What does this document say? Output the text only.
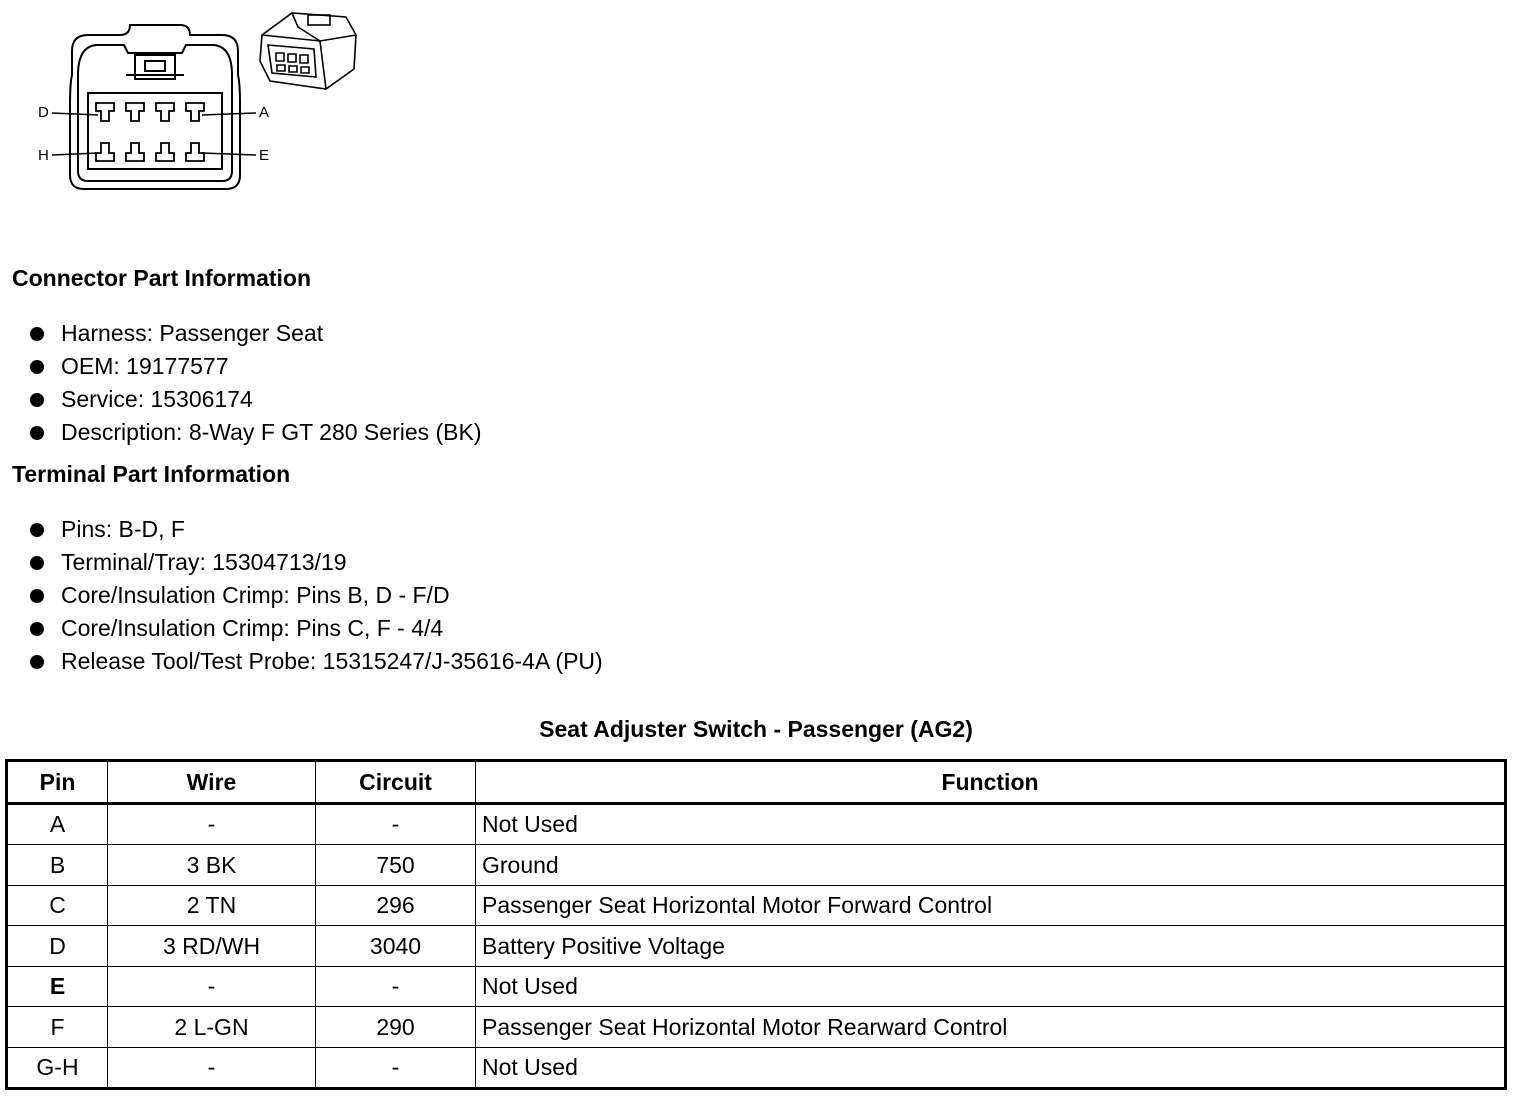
D	A
H	E
Connector Part Information
Harness: Passenger Seat
OEM: 19177577
Service: 15306174
Description: 8-Way F GT 280 Series (BK)
Terminal Part Information
Pins: B-D, F
Terminal/Tray: 15304713/19
Core/Insulation Crimp: Pins B, D - F/D
Core/Insulation Crimp: Pins C, F - 4/4
Release Tool/Test Probe: 15315247/J-35616-4A (PU)
Seat Adjuster Switch - Passenger (AG2)
Pin	Wire	Circuit	Function
A	-	-	Not Used
B	3 BK	750	Ground
C	2 TN	296	Passenger Seat Horizontal Motor Forward Control
D	3 RD/WH	3040	Battery Positive Voltage
E	-	-	Not Used
F	2 L-GN	290	Passenger Seat Horizontal Motor Rearward Control
G-H	-	-	Not Used
